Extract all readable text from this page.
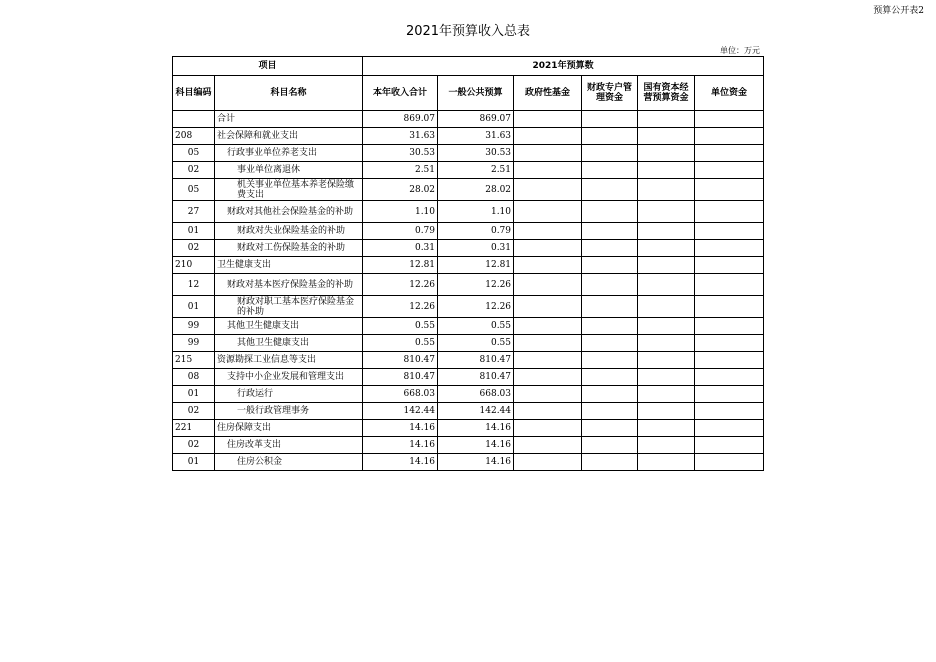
预算公开表2
2021年预算收入总表
单位：万元
项目		2021年预算数					
科目编码	科目名称	本年收入合计	一般公共预算	政府性基金	财政专户管理资金	国有资本经营预算资金	单位资金
	合计	869.07	869.07				
208	社会保障和就业支出	31.63	31.63				
05	行政事业单位养老支出	30.53	30.53				
02	事业单位离退休	2.51	2.51				
05	机关事业单位基本养老保险缴费支出	28.02	28.02				
27	财政对其他社会保险基金的补助	1.10	1.10				
01	财政对失业保险基金的补助	0.79	0.79				
02	财政对工伤保险基金的补助	0.31	0.31				
210	卫生健康支出	12.81	12.81				
12	财政对基本医疗保险基金的补助	12.26	12.26				
01	财政对职工基本医疗保险基金的补助	12.26	12.26				
99	其他卫生健康支出	0.55	0.55				
99	其他卫生健康支出	0.55	0.55				
215	资源勘探工业信息等支出	810.47	810.47				
08	支持中小企业发展和管理支出	810.47	810.47				
01	行政运行	668.03	668.03				
02	一般行政管理事务	142.44	142.44				
221	住房保障支出	14.16	14.16				
02	住房改革支出	14.16	14.16				
01	住房公积金	14.16	14.16				
